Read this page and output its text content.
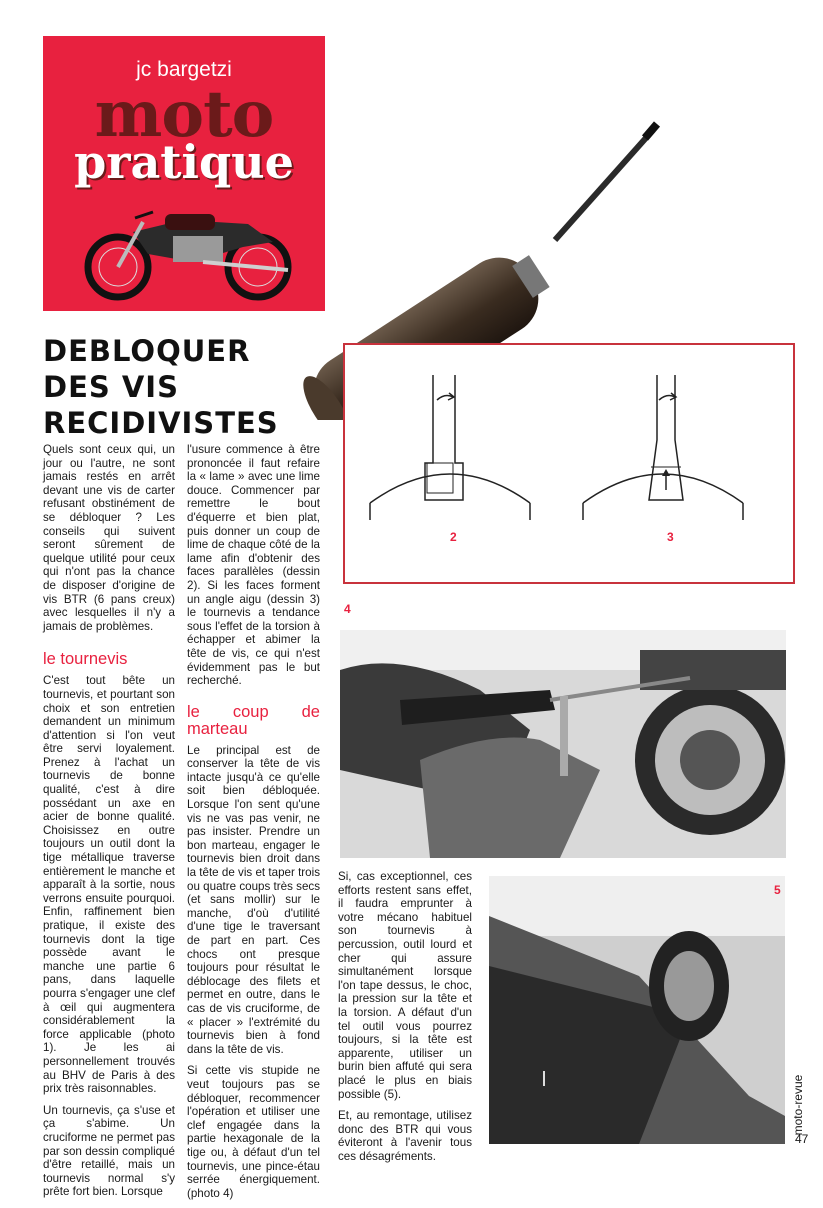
jc bargetzi
moto
pratique
DEBLOQUER
DES VIS
RECIDIVISTES
2	3

Quels sont ceux qui, un jour ou l'autre, ne sont jamais restés en arrêt devant une vis de carter refusant obstinément de se débloquer ? Les conseils qui suivent seront sûrement de quelque utilité pour ceux qui n'ont pas la chance de disposer d'origine de vis BTR (6 pans creux) avec lesquelles il n'y a jamais de problèmes.

le tournevis

C'est tout bête un tournevis, et pourtant son choix et son entretien demandent un minimum d'attention si l'on veut être servi loyalement. Prenez à l'achat un tournevis de bonne qualité, c'est à dire possédant un axe en acier de bonne qualité. Choisissez en outre toujours un outil dont la tige métallique traverse entièrement le manche et apparaît à la sortie, nous verrons ensuite pourquoi. Enfin, raffinement bien pratique, il existe des tournevis dont la tige possède avant le manche une partie 6 pans, dans laquelle pourra s'engager une clef à œil qui augmentera considérablement la force applicable (photo 1). Je les ai personnellement trouvés au BHV de Paris à des prix très raisonnables.

Un tournevis, ça s'use et ça s'abime. Un cruciforme ne permet pas par son dessin compliqué d'être retaillé, mais un tournevis normal s'y prête fort bien. Lorsque

l'usure commence à être prononcée il faut refaire la « lame » avec une lime douce. Commencer par remettre le bout d'équerre et bien plat, puis donner un coup de lime de chaque côté de la lame afin d'obtenir des faces parallèles (dessin 2). Si les faces forment un angle aigu (dessin 3) le tournevis a tendance sous l'effet de la torsion à échapper et abimer la tête de vis, ce qui n'est évidemment pas le but recherché.

le coup de marteau

Le principal est de conserver la tête de vis intacte jusqu'à ce qu'elle soit bien débloquée. Lorsque l'on sent qu'une vis ne vas pas venir, ne pas insister. Prendre un bon marteau, engager le tournevis bien droit dans la tête de vis et taper trois ou quatre coups très secs (et sans mollir) sur le manche, d'où d'utilité d'une tige le traversant de part en part. Ces chocs ont presque toujours pour résultat le déblocage des filets et permet en outre, dans le cas de vis cruciforme, de « placer » l'extrémité du tournevis bien à fond dans la tête de vis.

Si cette vis stupide ne veut toujours pas se débloquer, recommencer l'opération et utiliser une clef engagée dans la partie hexagonale de la tige ou, à défaut d'un tel tournevis, une pince-étau serrée énergiquement. (photo 4)

4

Si, cas exceptionnel, ces efforts restent sans effet, il faudra emprunter à votre mécano habituel son tournevis à percussion, outil lourd et cher qui assure simultanément lorsque l'on tape dessus, le choc, la pression sur la tête et la torsion. A défaut d'un tel outil vous pourrez toujours, si la tête est apparente, utiliser un burin bien affuté qui sera placé le plus en biais possible (5).

Et, au remontage, utilisez donc des BTR qui vous éviteront à l'avenir tous ces désagréments.

5
moto-revue
47
